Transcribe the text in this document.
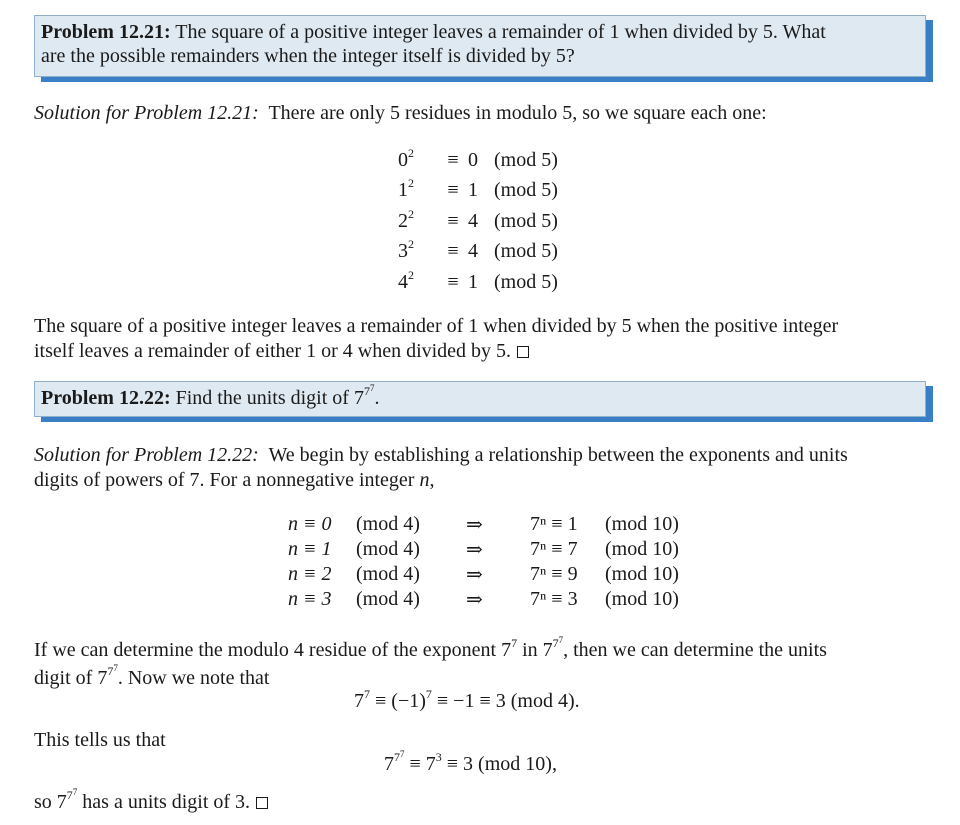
Problem 12.21: The square of a positive integer leaves a remainder of 1 when divided by 5. What
are the possible remainders when the integer itself is divided by 5?
Solution for Problem 12.21: There are only 5 residues in modulo 5, so we square each one:
$0^2$	≡	0	(mod 5)
$1^2$	≡	1	(mod 5)
$2^2$	≡	4	(mod 5)
$3^2$	≡	4	(mod 5)
$4^2$	≡	1	(mod 5)
The square of a positive integer leaves a remainder of 1 when divided by 5 when the positive integer
itself leaves a remainder of either 1 or 4 when divided by 5.
Problem 12.22: Find the units digit of $7^{7^7}$.
Solution for Problem 12.22: We begin by establishing a relationship between the exponents and units
digits of powers of 7. For a nonnegative integer n,
n ≡ 0	(mod 4)	⇒	7ⁿ ≡ 1	(mod 10)
n ≡ 1	(mod 4)	⇒	7ⁿ ≡ 7	(mod 10)
n ≡ 2	(mod 4)	⇒	7ⁿ ≡ 9	(mod 10)
n ≡ 3	(mod 4)	⇒	7ⁿ ≡ 3	(mod 10)
If we can determine the modulo 4 residue of the exponent $7^7$ in $7^{7^7}$, then we can determine the units
digit of $7^{7^7}$. Now we note that
$7^7 \equiv (-1)^7 \equiv -1 \equiv 3$ (mod 4).
This tells us that
$7^{7^7} \equiv 7^3 \equiv 3$ (mod 10),
so $7^{7^7}$ has a units digit of 3.
